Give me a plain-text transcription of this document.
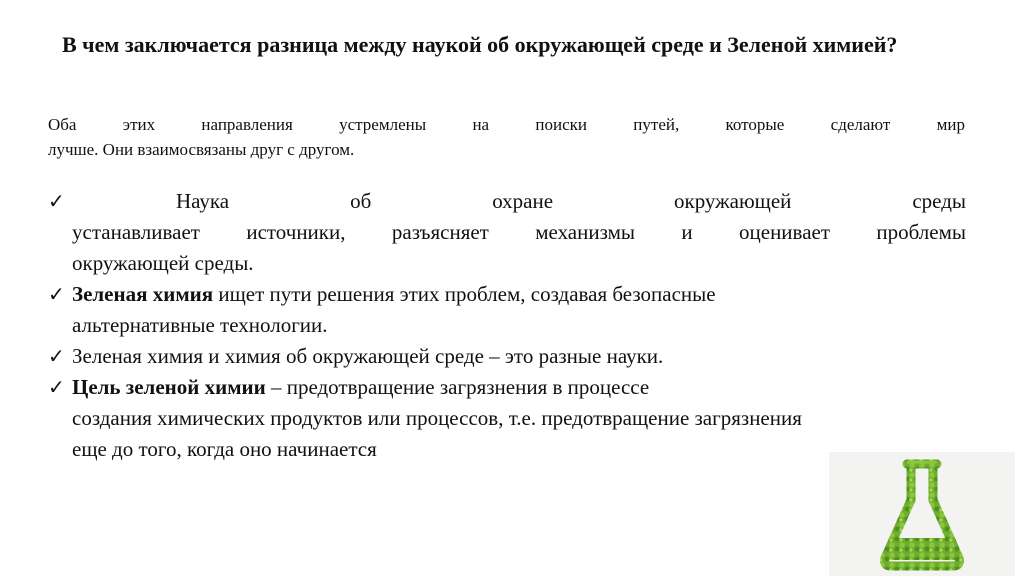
В чем заключается разница между наукой об окружающей среде и Зеленой химией?
Оба этих направления устремлены на поиски путей, которые сделают мир
лучше. Они взаимосвязаны друг с другом.
✓	Наука об охране окружающей среды
устанавливает источники, разъясняет механизмы и оценивает проблемы
окружающей среды.
✓ Зеленая химия ищет пути решения этих проблем, создавая безопасные
альтернативные технологии.
✓ Зеленая химия и химия об окружающей среде – это разные науки.
✓ Цель зеленой химии – предотвращение загрязнения в процессе
создания химических продуктов или процессов, т.е. предотвращение загрязнения
еще до того, когда оно начинается
